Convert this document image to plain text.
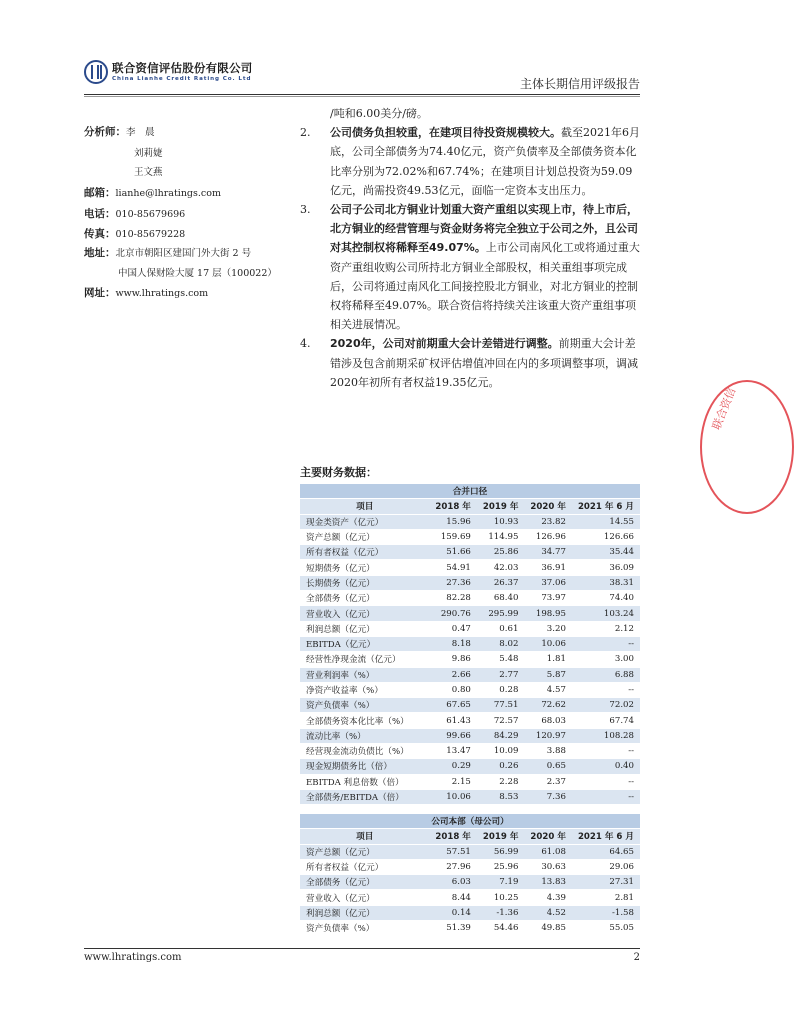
联合资信评估股份有限公司
China Lianhe Credit Rating Co. Ltd	主体长期信用评级报告
分析师：李　晨
刘莉婕
王文燕
邮箱：lianhe@lhratings.com
电话：010-85679696
传真：010-85679228
地址：北京市朝阳区建国门外大街 2 号
中国人保财险大厦 17 层（100022）
网址：www.lhratings.com

/吨和6.00美分/磅。

2. 公司债务负担较重，在建项目待投资规模较大。截至2021年6月底，公司全部债务为74.40亿元，资产负债率及全部债务资本化比率分别为72.02%和67.74%；在建项目计划总投资为59.09亿元，尚需投资49.53亿元，面临一定资本支出压力。

3. 公司子公司北方铜业计划重大资产重组以实现上市，待上市后，北方铜业的经营管理与资金财务将完全独立于公司之外，且公司对其控制权将稀释至49.07%。上市公司南风化工或将通过重大资产重组收购公司所持北方铜业全部股权，相关重组事项完成后，公司将通过南风化工间接控股北方铜业，对北方铜业的控制权将稀释至49.07%。联合资信将持续关注该重大资产重组事项相关进展情况。

4. 2020年，公司对前期重大会计差错进行调整。前期重大会计差错涉及包含前期采矿权评估增值冲回在内的多项调整事项，调减2020年初所有者权益19.35亿元。

主要财务数据：
合并口径				
项目	2018 年	2019 年	2020 年	2021 年 6 月
现金类资产（亿元）	15.96	10.93	23.82	14.55
资产总额（亿元）	159.69	114.95	126.96	126.66
所有者权益（亿元）	51.66	25.86	34.77	35.44
短期债务（亿元）	54.91	42.03	36.91	36.09
长期债务（亿元）	27.36	26.37	37.06	38.31
全部债务（亿元）	82.28	68.40	73.97	74.40
营业收入（亿元）	290.76	295.99	198.95	103.24
利润总额（亿元）	0.47	0.61	3.20	2.12
EBITDA（亿元）	8.18	8.02	10.06	--
经营性净现金流（亿元）	9.86	5.48	1.81	3.00
营业利润率（%）	2.66	2.77	5.87	6.88
净资产收益率（%）	0.80	0.28	4.57	--
资产负债率（%）	67.65	77.51	72.62	72.02
全部债务资本化比率（%）	61.43	72.57	68.03	67.74
流动比率（%）	99.66	84.29	120.97	108.28
经营现金流动负债比（%）	13.47	10.09	3.88	--
现金短期债务比（倍）	0.29	0.26	0.65	0.40
EBITDA 利息倍数（倍）	2.15	2.28	2.37	--
全部债务/EBITDA（倍）	10.06	8.53	7.36	--
公司本部（母公司）				
项目	2018 年	2019 年	2020 年	2021 年 6 月
资产总额（亿元）	57.51	56.99	61.08	64.65
所有者权益（亿元）	27.96	25.96	30.63	29.06
全部债务（亿元）	6.03	7.19	13.83	27.31
营业收入（亿元）	8.44	10.25	4.39	2.81
利润总额（亿元）	0.14	-1.36	4.52	-1.58
资产负债率（%）	51.39	54.46	49.85	55.05
联合资信
www.lhratings.com	2
